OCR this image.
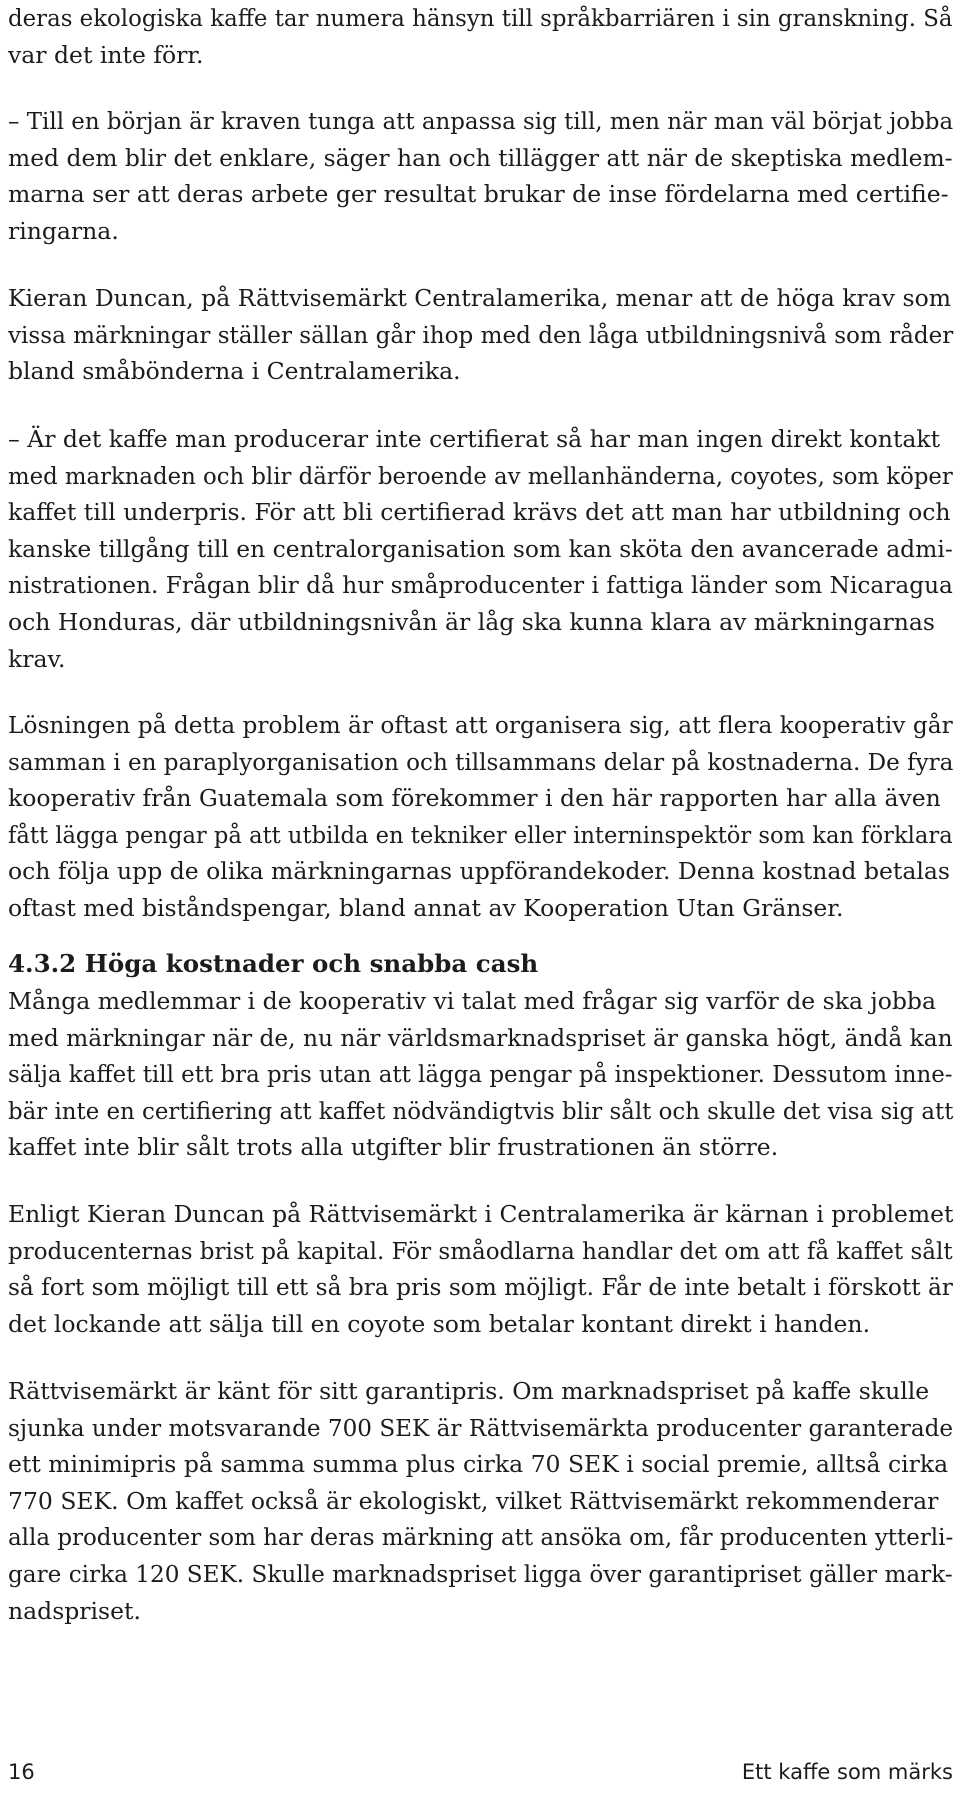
deras ekologiska kaffe tar numera hänsyn till språkbarriären i sin granskning. Så
var det inte förr.
– Till en början är kraven tunga att anpassa sig till, men när man väl börjat jobba
med dem blir det enklare, säger han och tillägger att när de skeptiska medlem-
marna ser att deras arbete ger resultat brukar de inse fördelarna med certifie-
ringarna.
Kieran Duncan, på Rättvisemärkt Centralamerika, menar att de höga krav som
vissa märkningar ställer sällan går ihop med den låga utbildningsnivå som råder
bland småbönderna i Centralamerika.
– Är det kaffe man producerar inte certifierat så har man ingen direkt kontakt
med marknaden och blir därför beroende av mellanhänderna, coyotes, som köper
kaffet till underpris. För att bli certifierad krävs det att man har utbildning och
kanske tillgång till en centralorganisation som kan sköta den avancerade admi-
nistrationen. Frågan blir då hur småproducenter i fattiga länder som Nicaragua
och Honduras, där utbildningsnivån är låg ska kunna klara av märkningarnas
krav.
Lösningen på detta problem är oftast att organisera sig, att flera kooperativ går
samman i en paraplyorganisation och tillsammans delar på kostnaderna. De fyra
kooperativ från Guatemala som förekommer i den här rapporten har alla även
fått lägga pengar på att utbilda en tekniker eller interninspektör som kan förklara
och följa upp de olika märkningarnas uppförandekoder. Denna kostnad betalas
oftast med biståndspengar, bland annat av Kooperation Utan Gränser.
4.3.2 Höga kostnader och snabba cash
Många medlemmar i de kooperativ vi talat med frågar sig varför de ska jobba
med märkningar när de, nu när världsmarknadspriset är ganska högt, ändå kan
sälja kaffet till ett bra pris utan att lägga pengar på inspektioner. Dessutom inne-
bär inte en certifiering att kaffet nödvändigtvis blir sålt och skulle det visa sig att
kaffet inte blir sålt trots alla utgifter blir frustrationen än större.
Enligt Kieran Duncan på Rättvisemärkt i Centralamerika är kärnan i problemet
producenternas brist på kapital. För småodlarna handlar det om att få kaffet sålt
så fort som möjligt till ett så bra pris som möjligt. Får de inte betalt i förskott är
det lockande att sälja till en coyote som betalar kontant direkt i handen.
Rättvisemärkt är känt för sitt garantipris. Om marknadspriset på kaffe skulle
sjunka under motsvarande 700 SEK är Rättvisemärkta producenter garanterade
ett minimipris på samma summa plus cirka 70 SEK i social premie, alltså cirka
770 SEK. Om kaffet också är ekologiskt, vilket Rättvisemärkt rekommenderar
alla producenter som har deras märkning att ansöka om, får producenten ytterli-
gare cirka 120 SEK. Skulle marknadspriset ligga över garantipriset gäller mark-
nadspriset.
16	Ett kaffe som märks
